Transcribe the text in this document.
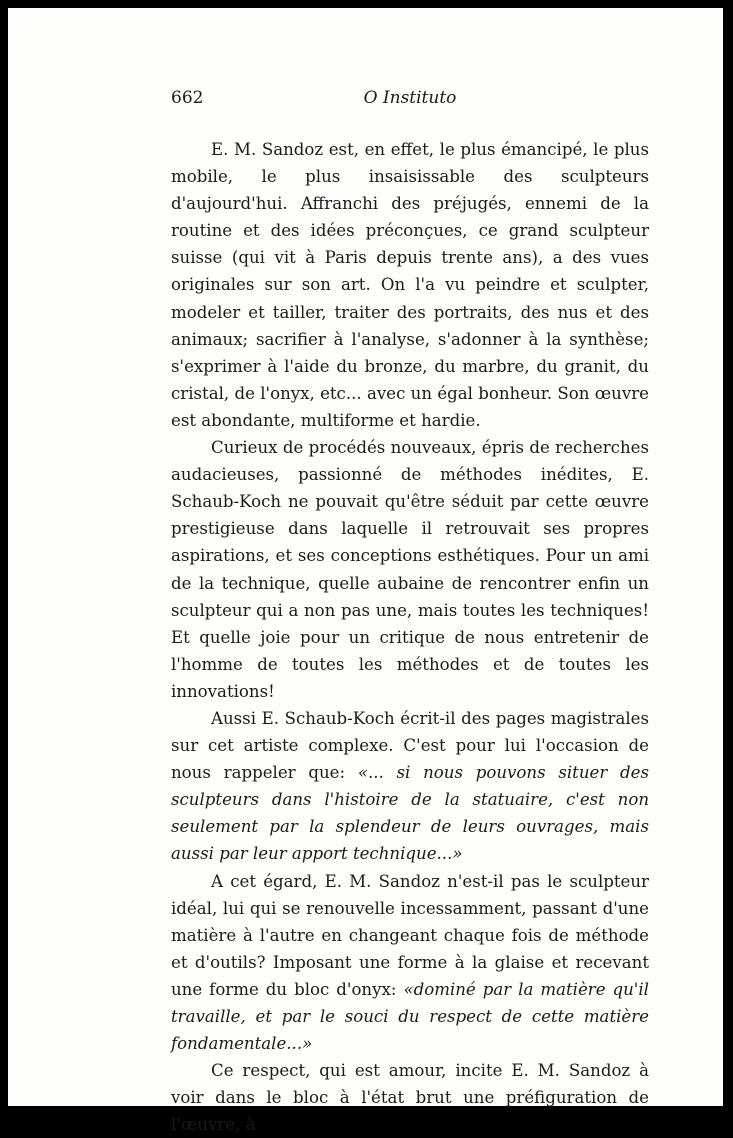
662	O Instituto

E. M. Sandoz est, en effet, le plus émancipé, le plus mobile, le plus insaisissable des sculpteurs d'aujourd'hui. Affranchi des préjugés, ennemi de la routine et des idées préconçues, ce grand sculpteur suisse (qui vit à Paris depuis trente ans), a des vues originales sur son art. On l'a vu peindre et sculpter, modeler et tailler, traiter des portraits, des nus et des animaux; sacrifier à l'analyse, s'adonner à la synthèse; s'exprimer à l'aide du bronze, du marbre, du granit, du cristal, de l'onyx, etc... avec un égal bonheur. Son œuvre est abondante, multiforme et hardie.

Curieux de procédés nouveaux, épris de recherches audacieuses, passionné de méthodes inédites, E. Schaub-Koch ne pouvait qu'être séduit par cette œuvre prestigieuse dans laquelle il retrouvait ses propres aspirations, et ses conceptions esthétiques. Pour un ami de la technique, quelle aubaine de rencontrer enfin un sculpteur qui a non pas une, mais toutes les techniques! Et quelle joie pour un critique de nous entretenir de l'homme de toutes les méthodes et de toutes les innovations!

Aussi E. Schaub-Koch écrit-il des pages magistrales sur cet artiste complexe. C'est pour lui l'occasion de nous rappeler que: «... si nous pouvons situer des sculpteurs dans l'histoire de la statuaire, c'est non seulement par la splendeur de leurs ouvrages, mais aussi par leur apport technique...»

A cet égard, E. M. Sandoz n'est-il pas le sculpteur idéal, lui qui se renouvelle incessamment, passant d'une matière à l'autre en changeant chaque fois de méthode et d'outils? Imposant une forme à la glaise et recevant une forme du bloc d'onyx: «dominé par la matière qu'il travaille, et par le souci du respect de cette matière fondamentale...»

Ce respect, qui est amour, incite E. M. Sandoz à voir dans le bloc à l'état brut une préfiguration de l'œuvre, à
